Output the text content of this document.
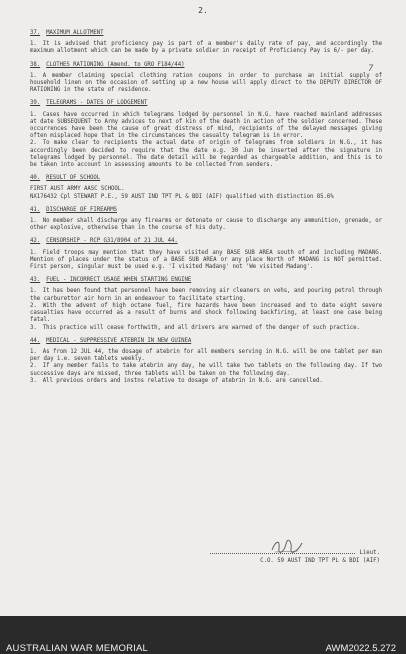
2.
7
37. MAXIMUM ALLOTMENT
1. It is advised that proficiency pay is part of a member's daily rate of pay, and accordingly the maximum allotment which can be made by a private soldier in receipt of Proficiency Pay is 6/- per day.
38. CLOTHES RATIONING (Amend. to GRO F184/44)
1. A member claiming special clothing ration coupons in order to purchase an initial supply of household linen on the occasion of setting up a new house will apply direct to the DEPUTY DIRECTOR OF RATIONING in the state of residence.
39. TELEGRAMS - DATES OF LODGEMENT
1. Cases have occurred in which telegrams lodged by personnel in N.G. have reached mainland addresses at date SUBSEQUENT to Army advices to next of kin of the death in action of the soldier concerned. These occurrences have been the cause of great distress of mind, recipients of the delayed messages giving often misplaced hope that in the circumstances the casualty telegram is in error.
2. To make clear to recipients the actual date of origin of telegrams from soldiers in N.G., it has accordingly been decided to require that the date e.g. 30 Jun be inserted after the signature in telegrams lodged by personnel. The date detail will be regarded as chargeable addition, and this is to be taken into account in assessing amounts to be collected from senders.
40. RESULT OF SCHOOL
FIRST AUST ARMY AASC SCHOOL.
NX176432 Cpl STEWART P.E., 59 AUST IND TPT PL & BDI (AIF) qualified with distinction 85.6%
41. DISCHARGE OF FIREARMS
1. No member shall discharge any firearms or detonate or cause to discharge any ammunition, grenade, or other explosive, otherwise than in the course of his duty.
42. CENSORSHIP - RCP G31/8904 of 21 JUL 44.
1. Field troops may mention that they have visited any BASE SUB AREA south of and including MADANG. Mention of places under the status of a BASE SUB AREA or any place North of MADANG is NOT permitted. First person, singular must be used e.g. 'I visited Madang' not 'We visited Madang'.
43. FUEL - INCORRECT USAGE WHEN STARTING ENGINE
1. It has been found that personnel have been removing air cleaners on vehs, and pouring petrol through the carburettor air horn in an endeavour to facilitate starting.
2. With the advent of high octane fuel, fire hazards have been increased and to date eight severe casualties have occurred as a result of burns and shock following backfiring, at least one case being fatal.
3. This practice will cease forthwith, and all drivers are warned of the danger of such practice.
44. MEDICAL - SUPPRESSIVE ATEBRIN IN NEW GUINEA
1. As from 12 JUL 44, the dosage of atebrin for all members serving in N.G. will be one tablet per man per day i.e. seven tablets weekly.
2. If any member fails to take atebrin any day, he will take two tablets on the following day. If two successive days are missed, three tablets will be taken on the following day.
3. All previous orders and instns relative to dosage of atebrin in N.G. are cancelled.
Lieut.
C.O. 59 AUST IND TPT PL & BDI (AIF)
AUSTRALIAN WAR MEMORIAL	AWM2022.5.272
